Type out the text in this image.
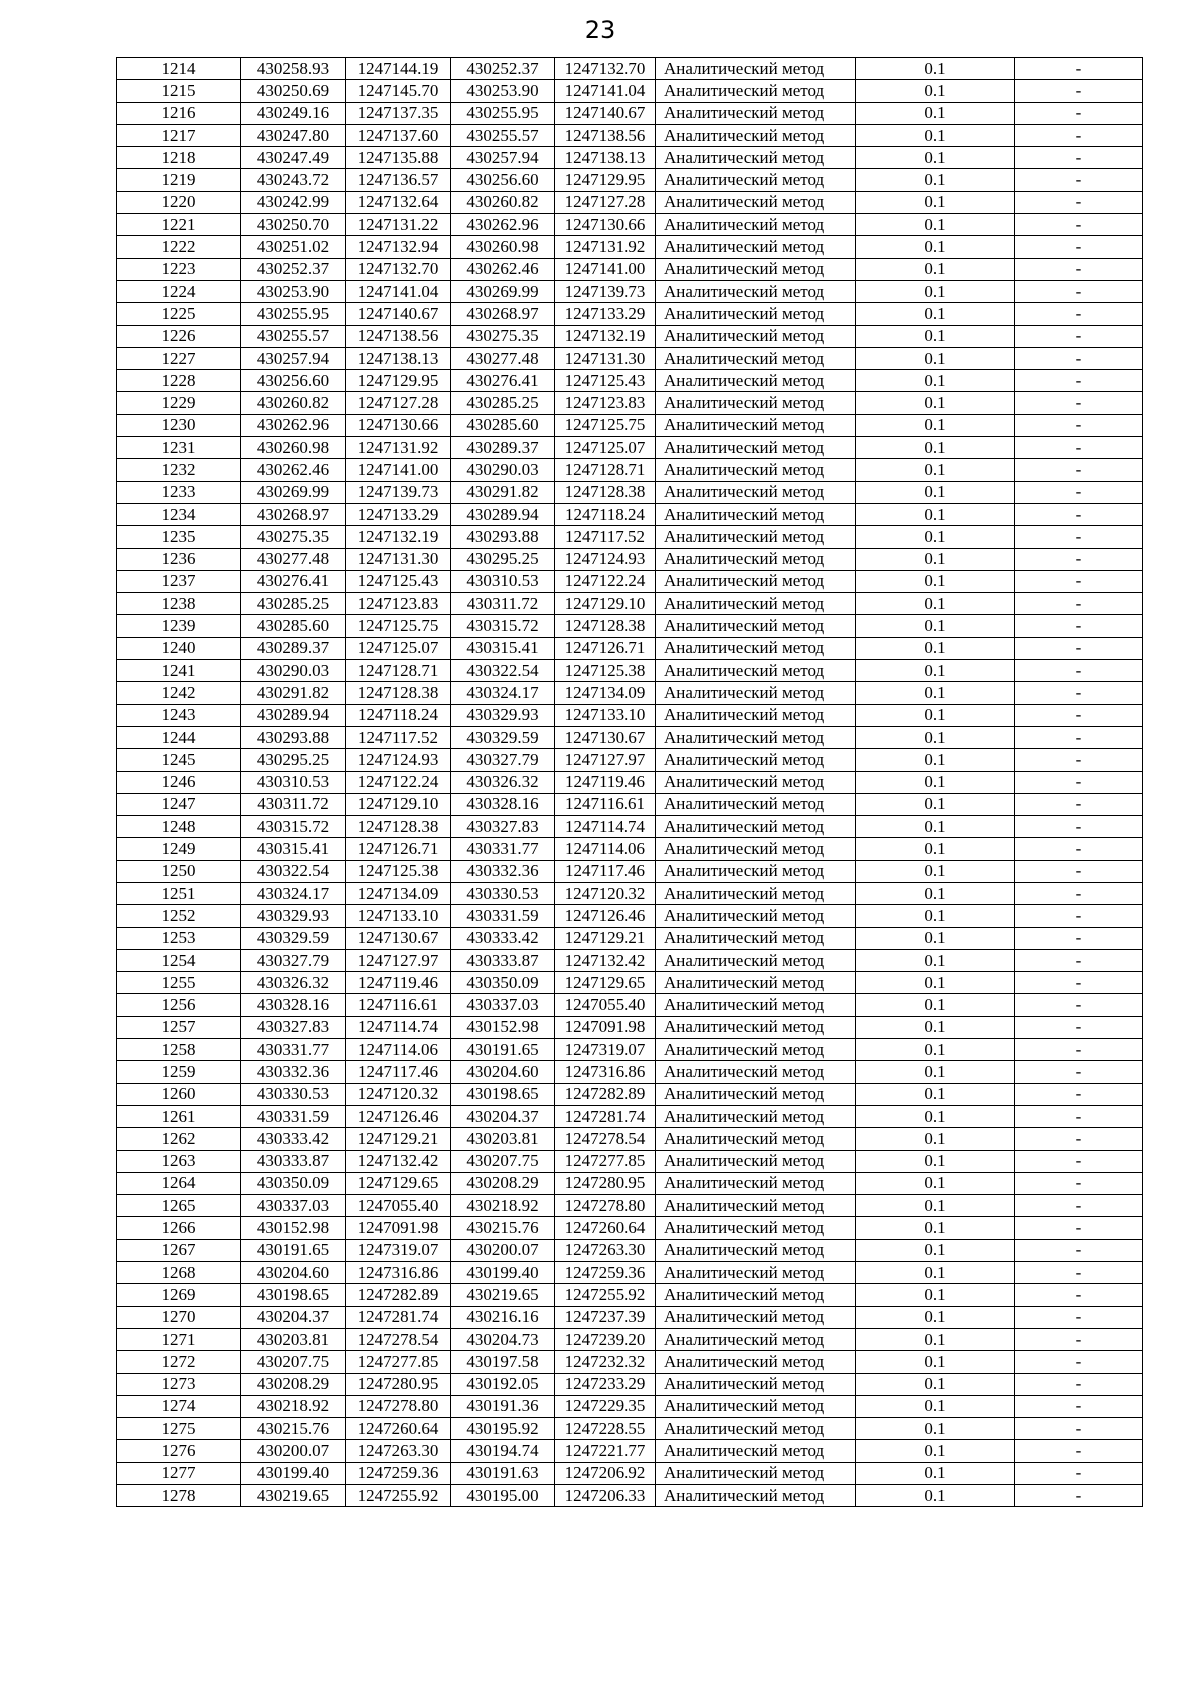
23
1214	430258.93	1247144.19	430252.37	1247132.70	Аналитический метод	0.1	-
1215	430250.69	1247145.70	430253.90	1247141.04	Аналитический метод	0.1	-
1216	430249.16	1247137.35	430255.95	1247140.67	Аналитический метод	0.1	-
1217	430247.80	1247137.60	430255.57	1247138.56	Аналитический метод	0.1	-
1218	430247.49	1247135.88	430257.94	1247138.13	Аналитический метод	0.1	-
1219	430243.72	1247136.57	430256.60	1247129.95	Аналитический метод	0.1	-
1220	430242.99	1247132.64	430260.82	1247127.28	Аналитический метод	0.1	-
1221	430250.70	1247131.22	430262.96	1247130.66	Аналитический метод	0.1	-
1222	430251.02	1247132.94	430260.98	1247131.92	Аналитический метод	0.1	-
1223	430252.37	1247132.70	430262.46	1247141.00	Аналитический метод	0.1	-
1224	430253.90	1247141.04	430269.99	1247139.73	Аналитический метод	0.1	-
1225	430255.95	1247140.67	430268.97	1247133.29	Аналитический метод	0.1	-
1226	430255.57	1247138.56	430275.35	1247132.19	Аналитический метод	0.1	-
1227	430257.94	1247138.13	430277.48	1247131.30	Аналитический метод	0.1	-
1228	430256.60	1247129.95	430276.41	1247125.43	Аналитический метод	0.1	-
1229	430260.82	1247127.28	430285.25	1247123.83	Аналитический метод	0.1	-
1230	430262.96	1247130.66	430285.60	1247125.75	Аналитический метод	0.1	-
1231	430260.98	1247131.92	430289.37	1247125.07	Аналитический метод	0.1	-
1232	430262.46	1247141.00	430290.03	1247128.71	Аналитический метод	0.1	-
1233	430269.99	1247139.73	430291.82	1247128.38	Аналитический метод	0.1	-
1234	430268.97	1247133.29	430289.94	1247118.24	Аналитический метод	0.1	-
1235	430275.35	1247132.19	430293.88	1247117.52	Аналитический метод	0.1	-
1236	430277.48	1247131.30	430295.25	1247124.93	Аналитический метод	0.1	-
1237	430276.41	1247125.43	430310.53	1247122.24	Аналитический метод	0.1	-
1238	430285.25	1247123.83	430311.72	1247129.10	Аналитический метод	0.1	-
1239	430285.60	1247125.75	430315.72	1247128.38	Аналитический метод	0.1	-
1240	430289.37	1247125.07	430315.41	1247126.71	Аналитический метод	0.1	-
1241	430290.03	1247128.71	430322.54	1247125.38	Аналитический метод	0.1	-
1242	430291.82	1247128.38	430324.17	1247134.09	Аналитический метод	0.1	-
1243	430289.94	1247118.24	430329.93	1247133.10	Аналитический метод	0.1	-
1244	430293.88	1247117.52	430329.59	1247130.67	Аналитический метод	0.1	-
1245	430295.25	1247124.93	430327.79	1247127.97	Аналитический метод	0.1	-
1246	430310.53	1247122.24	430326.32	1247119.46	Аналитический метод	0.1	-
1247	430311.72	1247129.10	430328.16	1247116.61	Аналитический метод	0.1	-
1248	430315.72	1247128.38	430327.83	1247114.74	Аналитический метод	0.1	-
1249	430315.41	1247126.71	430331.77	1247114.06	Аналитический метод	0.1	-
1250	430322.54	1247125.38	430332.36	1247117.46	Аналитический метод	0.1	-
1251	430324.17	1247134.09	430330.53	1247120.32	Аналитический метод	0.1	-
1252	430329.93	1247133.10	430331.59	1247126.46	Аналитический метод	0.1	-
1253	430329.59	1247130.67	430333.42	1247129.21	Аналитический метод	0.1	-
1254	430327.79	1247127.97	430333.87	1247132.42	Аналитический метод	0.1	-
1255	430326.32	1247119.46	430350.09	1247129.65	Аналитический метод	0.1	-
1256	430328.16	1247116.61	430337.03	1247055.40	Аналитический метод	0.1	-
1257	430327.83	1247114.74	430152.98	1247091.98	Аналитический метод	0.1	-
1258	430331.77	1247114.06	430191.65	1247319.07	Аналитический метод	0.1	-
1259	430332.36	1247117.46	430204.60	1247316.86	Аналитический метод	0.1	-
1260	430330.53	1247120.32	430198.65	1247282.89	Аналитический метод	0.1	-
1261	430331.59	1247126.46	430204.37	1247281.74	Аналитический метод	0.1	-
1262	430333.42	1247129.21	430203.81	1247278.54	Аналитический метод	0.1	-
1263	430333.87	1247132.42	430207.75	1247277.85	Аналитический метод	0.1	-
1264	430350.09	1247129.65	430208.29	1247280.95	Аналитический метод	0.1	-
1265	430337.03	1247055.40	430218.92	1247278.80	Аналитический метод	0.1	-
1266	430152.98	1247091.98	430215.76	1247260.64	Аналитический метод	0.1	-
1267	430191.65	1247319.07	430200.07	1247263.30	Аналитический метод	0.1	-
1268	430204.60	1247316.86	430199.40	1247259.36	Аналитический метод	0.1	-
1269	430198.65	1247282.89	430219.65	1247255.92	Аналитический метод	0.1	-
1270	430204.37	1247281.74	430216.16	1247237.39	Аналитический метод	0.1	-
1271	430203.81	1247278.54	430204.73	1247239.20	Аналитический метод	0.1	-
1272	430207.75	1247277.85	430197.58	1247232.32	Аналитический метод	0.1	-
1273	430208.29	1247280.95	430192.05	1247233.29	Аналитический метод	0.1	-
1274	430218.92	1247278.80	430191.36	1247229.35	Аналитический метод	0.1	-
1275	430215.76	1247260.64	430195.92	1247228.55	Аналитический метод	0.1	-
1276	430200.07	1247263.30	430194.74	1247221.77	Аналитический метод	0.1	-
1277	430199.40	1247259.36	430191.63	1247206.92	Аналитический метод	0.1	-
1278	430219.65	1247255.92	430195.00	1247206.33	Аналитический метод	0.1	-
